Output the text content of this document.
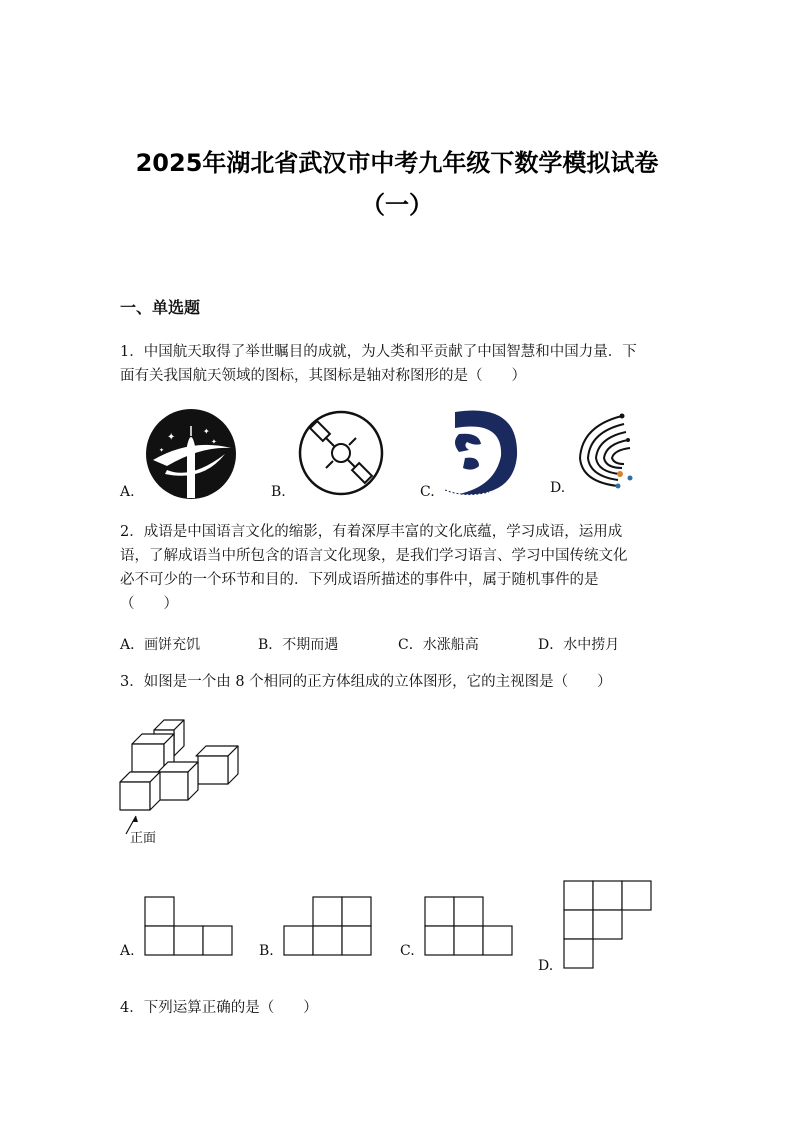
2025年湖北省武汉市中考九年级下数学模拟试卷
（一）
一、单选题
1．中国航天取得了举世瞩目的成就，为人类和平贡献了中国智慧和中国力量．下
面有关我国航天领域的图标，其图标是轴对称图形的是（　　）
A.
✦
✦
✦
✦
B.	C.	D.
2．成语是中国语言文化的缩影，有着深厚丰富的文化底蕴，学习成语，运用成
语，了解成语当中所包含的语言文化现象，是我们学习语言、学习中国传统文化
必不可少的一个环节和目的．下列成语所描述的事件中，属于随机事件的是
（　　）
A．画饼充饥	B．不期而遇	C．水涨船高	D．水中捞月
3．如图是一个由 8 个相同的正方体组成的立体图形，它的主视图是（　　）
正面
A.	B.	C.
D.
4．下列运算正确的是（　　）
